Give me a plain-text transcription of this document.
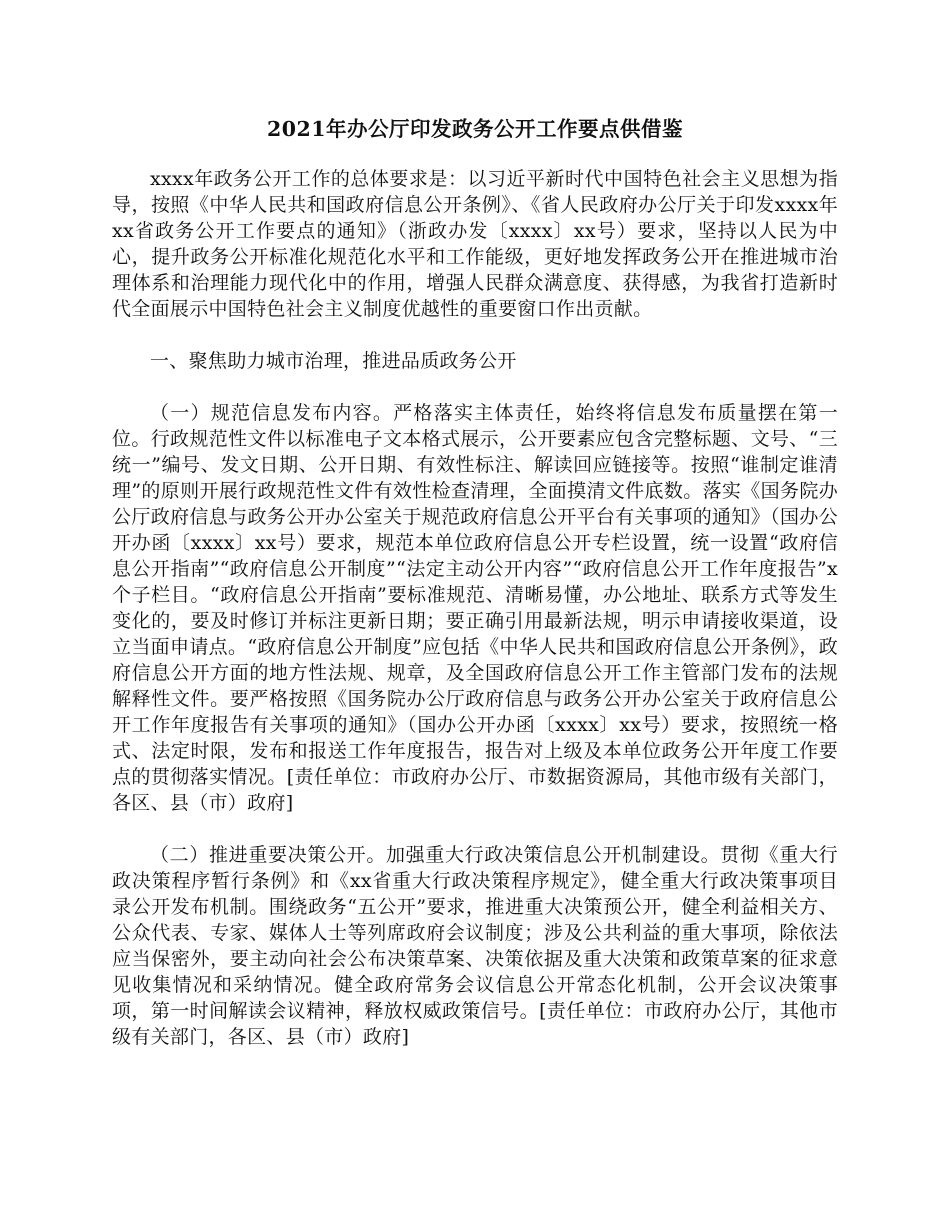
2021年办公厅印发政务公开工作要点供借鉴

xxxx年政务公开工作的总体要求是：以习近平新时代中国特色社会主义思想为指导，按照《中华人民共和国政府信息公开条例》、《省人民政府办公厅关于印发xxxx年xx省政务公开工作要点的通知》（浙政办发〔xxxx〕xx号）要求，坚持以人民为中心，提升政务公开标准化规范化水平和工作能级，更好地发挥政务公开在推进城市治理体系和治理能力现代化中的作用，增强人民群众满意度、获得感，为我省打造新时代全面展示中国特色社会主义制度优越性的重要窗口作出贡献。

一、聚焦助力城市治理，推进品质政务公开

（一）规范信息发布内容。严格落实主体责任，始终将信息发布质量摆在第一位。行政规范性文件以标准电子文本格式展示，公开要素应包含完整标题、文号、“三统一”编号、发文日期、公开日期、有效性标注、解读回应链接等。按照“谁制定谁清理”的原则开展行政规范性文件有效性检查清理，全面摸清文件底数。落实《国务院办公厅政府信息与政务公开办公室关于规范政府信息公开平台有关事项的通知》（国办公开办函〔xxxx〕xx号）要求，规范本单位政府信息公开专栏设置，统一设置“政府信息公开指南”“政府信息公开制度”“法定主动公开内容”“政府信息公开工作年度报告”x个子栏目。“政府信息公开指南”要标准规范、清晰易懂，办公地址、联系方式等发生变化的，要及时修订并标注更新日期；要正确引用最新法规，明示申请接收渠道，设立当面申请点。“政府信息公开制度”应包括《中华人民共和国政府信息公开条例》，政府信息公开方面的地方性法规、规章，及全国政府信息公开工作主管部门发布的法规解释性文件。要严格按照《国务院办公厅政府信息与政务公开办公室关于政府信息公开工作年度报告有关事项的通知》（国办公开办函〔xxxx〕xx号）要求，按照统一格式、法定时限，发布和报送工作年度报告，报告对上级及本单位政务公开年度工作要点的贯彻落实情况。[责任单位：市政府办公厅、市数据资源局，其他市级有关部门，各区、县（市）政府]

（二）推进重要决策公开。加强重大行政决策信息公开机制建设。贯彻《重大行政决策程序暂行条例》和《xx省重大行政决策程序规定》，健全重大行政决策事项目录公开发布机制。围绕政务“五公开”要求，推进重大决策预公开，健全利益相关方、公众代表、专家、媒体人士等列席政府会议制度；涉及公共利益的重大事项，除依法应当保密外，要主动向社会公布决策草案、决策依据及重大决策和政策草案的征求意见收集情况和采纳情况。健全政府常务会议信息公开常态化机制，公开会议决策事项，第一时间解读会议精神，释放权威政策信号。[责任单位：市政府办公厅，其他市级有关部门，各区、县（市）政府]
